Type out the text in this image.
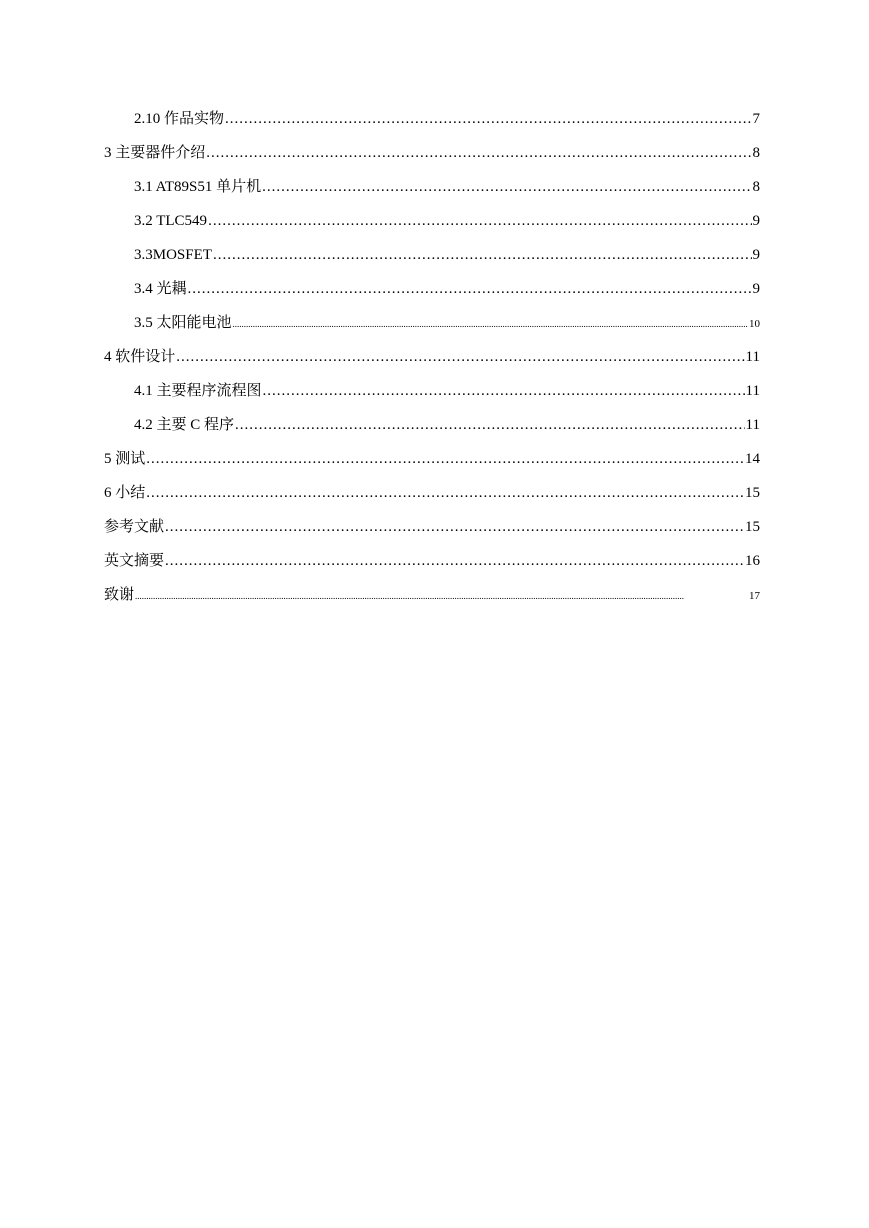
2.10 作品实物 .....	7
3 主要器件介绍 .....	8
3.1 AT89S51 单片机 .....	8
3.2 TLC549 .....	9
3.3MOSFET .....	9
3.4 光耦 .....	9
3.5 太阳能电池 .....	10
4 软件设计 .....	11
4.1 主要程序流程图 .....	11
4.2 主要 C 程序 .....	11
5 测试 .....	14
6 小结 .....	15
参考文献 .....	15
英文摘要 .....	16
致谢 .....	17
